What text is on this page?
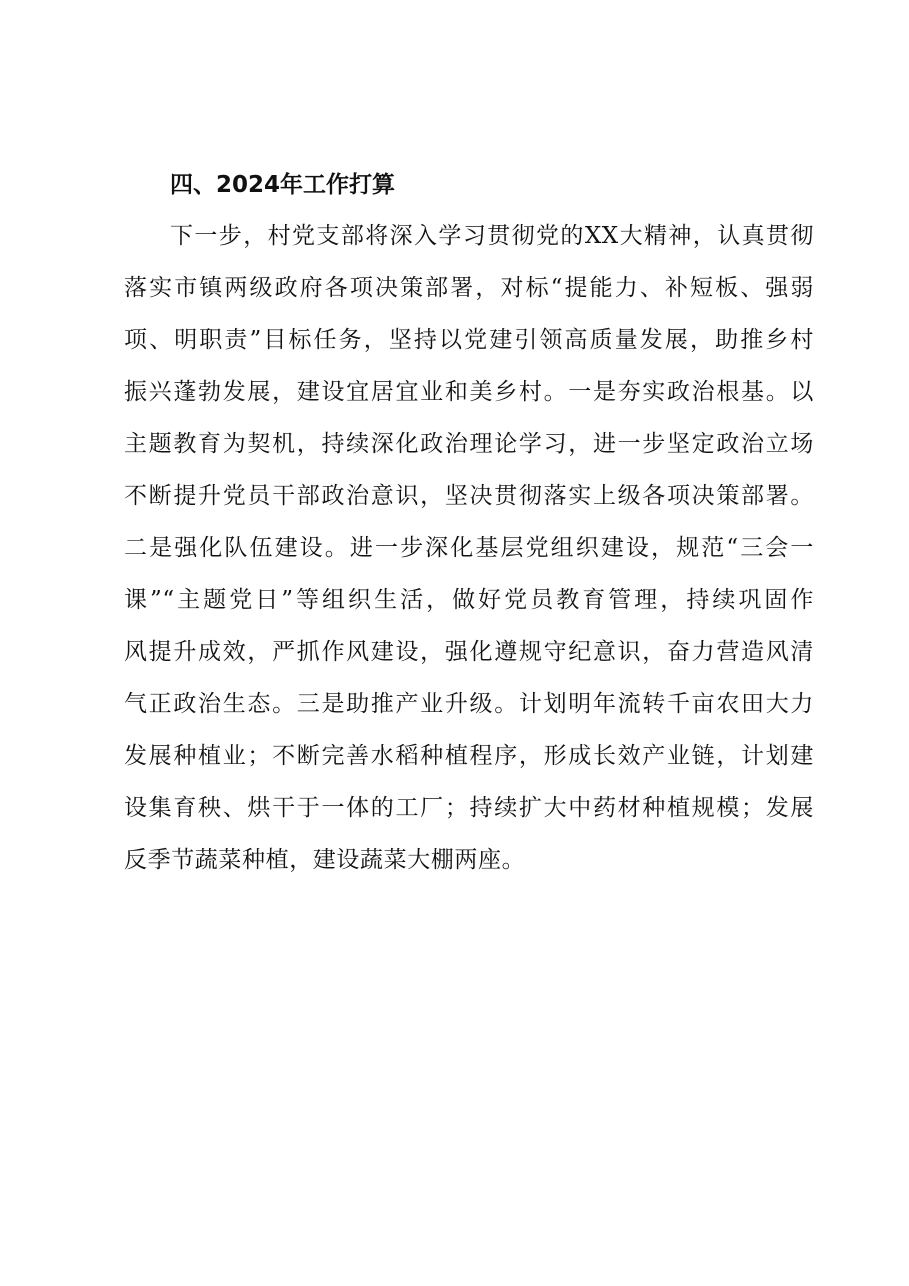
四、2024年工作打算
下一步，村党支部将深入学习贯彻党的XX大精神，认真贯彻
落实市镇两级政府各项决策部署，对标“提能力、补短板、强弱
项、明职责”目标任务，坚持以党建引领高质量发展，助推乡村
振兴蓬勃发展，建设宜居宜业和美乡村。一是夯实政治根基。以
主题教育为契机，持续深化政治理论学习，进一步坚定政治立场
不断提升党员干部政治意识，坚决贯彻落实上级各项决策部署。
二是强化队伍建设。进一步深化基层党组织建设，规范“三会一
课”“主题党日”等组织生活，做好党员教育管理，持续巩固作
风提升成效，严抓作风建设，强化遵规守纪意识，奋力营造风清
气正政治生态。三是助推产业升级。计划明年流转千亩农田大力
发展种植业；不断完善水稻种植程序，形成长效产业链，计划建
设集育秧、烘干于一体的工厂；持续扩大中药材种植规模；发展
反季节蔬菜种植，建设蔬菜大棚两座。
